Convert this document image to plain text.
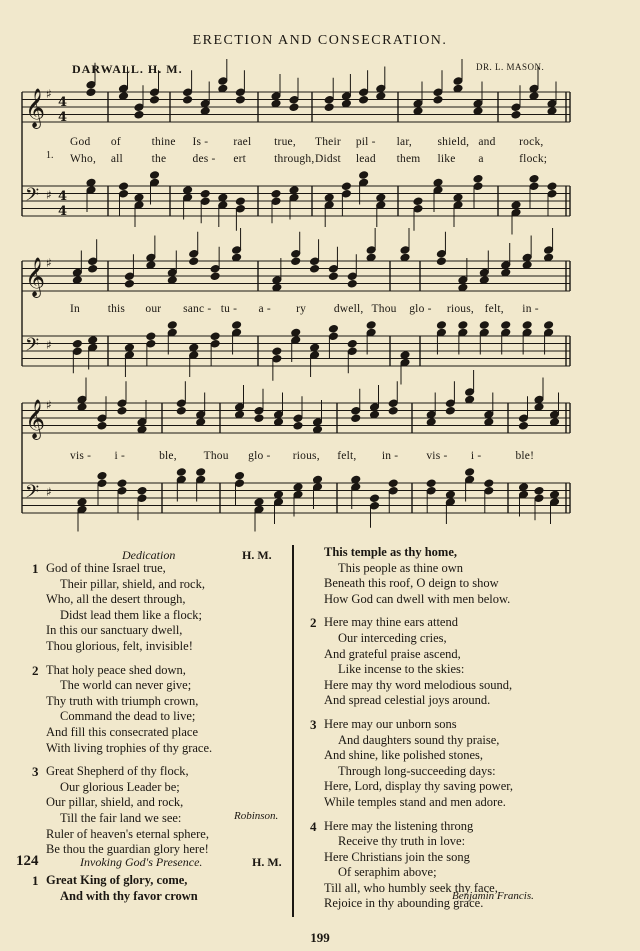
ERECTION AND CONSECRATION.
DARWALL. H. M.	DR. L. MASON.
𝄞 ♯
4
4
𝄢 ♯ 4
4
𝄞 ♯
𝄢 ♯
𝄞 ♯
𝄢 ♯
1.
God of	thine Is - rael true, Their pil - lar, shield, and rock,
Who, all the des - ert through, Didst lead them like a	flock;
In this our sanc - tu - a - ry dwell, Thou glo - rious, felt, in -
vis - i -	ble, Thou glo - rious, felt, in - vis - i -	ble!
Dedication	H. M.
1 God of thine Israel true,
Their pillar, shield, and rock,
Who, all the desert through,
Didst lead them like a flock;
In this our sanctuary dwell,
Thou glorious, felt, invisible!
2 That holy peace shed down,
The world can never give;
Thy truth with triumph crown,
Command the dead to live;
And fill this consecrated place
With living trophies of thy grace.
3 Great Shepherd of thy flock,
Our glorious Leader be;
Our pillar, shield, and rock,
Till the fair land we see:
Ruler of heaven's eternal sphere,
Be thou the guardian glory here!
Robinson.
This temple as thy home,
This people as thine own
Beneath this roof, O deign to show
How God can dwell with men below.
2 Here may thine ears attend
Our interceding cries,
And grateful praise ascend,
Like incense to the skies:
Here may thy word melodious sound,
And spread celestial joys around.
3 Here may our unborn sons
And daughters sound thy praise,
And shine, like polished stones,
Through long-succeeding days:
Here, Lord, display thy saving power,
While temples stand and men adore.
4 Here may the listening throng
Receive thy truth in love:
Here Christians join the song
Of seraphim above;
Till all, who humbly seek thy face,
Rejoice in thy abounding grace.
Benjamin Francis.
124	Invoking God's Presence.	H. M.
1 Great King of glory, come,
And with thy favor crown
199
